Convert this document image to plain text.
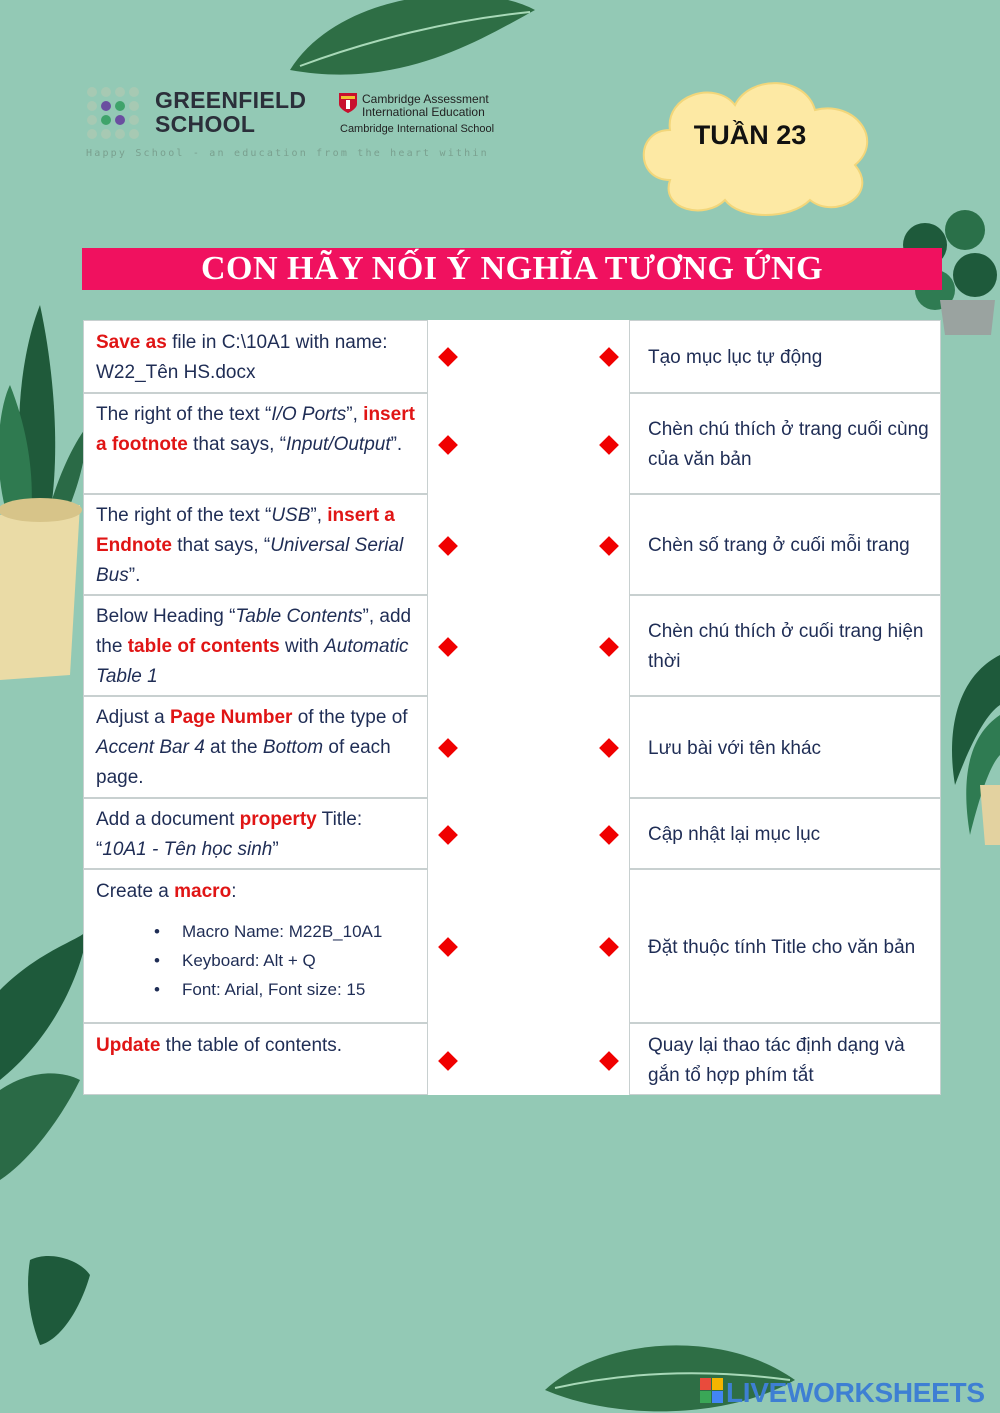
GREENFIELD
SCHOOL
Cambridge Assessment
International Education
Cambridge International School
Happy School - an education from the heart within
TUẦN 23
CON HÃY NỐI Ý NGHĨA TƯƠNG ỨNG
Save as file in C:\10A1 with name: W22_Tên HS.docx
Tạo mục lục tự động
The right of the text “I/O Ports”, insert a footnote that says, “Input/Output”.
Chèn chú thích ở trang cuối cùng của văn bản
The right of the text “USB”, insert a Endnote that says, “Universal Serial Bus”.
Chèn số trang ở cuối mỗi trang
Below Heading “Table Contents”, add the table of contents with Automatic Table 1
Chèn chú thích ở cuối trang hiện thời
Adjust a Page Number of the type of Accent Bar 4 at the Bottom of each page.
Lưu bài với tên khác
Add a document property Title: “10A1 - Tên học sinh”
Cập nhật lại mục lục
Create a macro:
• Macro Name: M22B_10A1
• Keyboard: Alt + Q
• Font: Arial, Font size: 15
Đặt thuộc tính Title cho văn bản
Update the table of contents.	Quay lại thao tác định dạng và gắn tổ hợp phím tắt
LIVEWORKSHEETS
